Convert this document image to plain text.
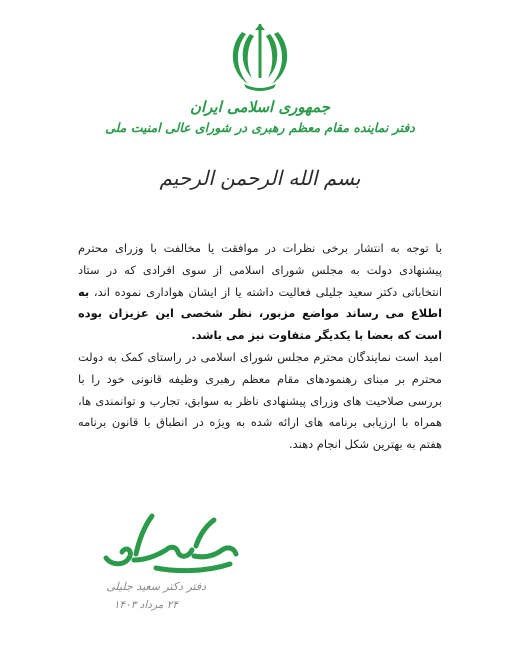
جمهوری اسلامی ایران
دفتر نماینده مقام معظم رهبری در شورای عالی امنیت ملی
بسم الله الرحمن الرحیم

با توجه به انتشار برخی نظرات در موافقت یا مخالفت با وزرای محترم پیشنهادی دولت به مجلس شورای اسلامی از سوی افرادی که در ستاد انتخاباتی دکتر سعید جلیلی فعالیت داشته یا از ایشان هواداری نموده اند، به اطلاع می رساند مواضع مزبور، نظر شخصی این عزیزان بوده است که بعضا با یکدیگر متفاوت نیز می باشد.

امید است نمایندگان محترم مجلس شورای اسلامی در راستای کمک به دولت محترم بر مبنای رهنمودهای مقام معظم رهبری وظیفه قانونی خود را با بررسی صلاحیت های وزرای پیشنهادی ناظر به سوابق، تجارب و توانمندی ها، همراه با ارزیابی برنامه های ارائه شده به ویژه در انطباق با قانون برنامه هفتم به بهترین شکل انجام دهند.

سعید جلیلی
دفتر دکتر سعید جلیلی
۲۴ مرداد ۱۴۰۳
